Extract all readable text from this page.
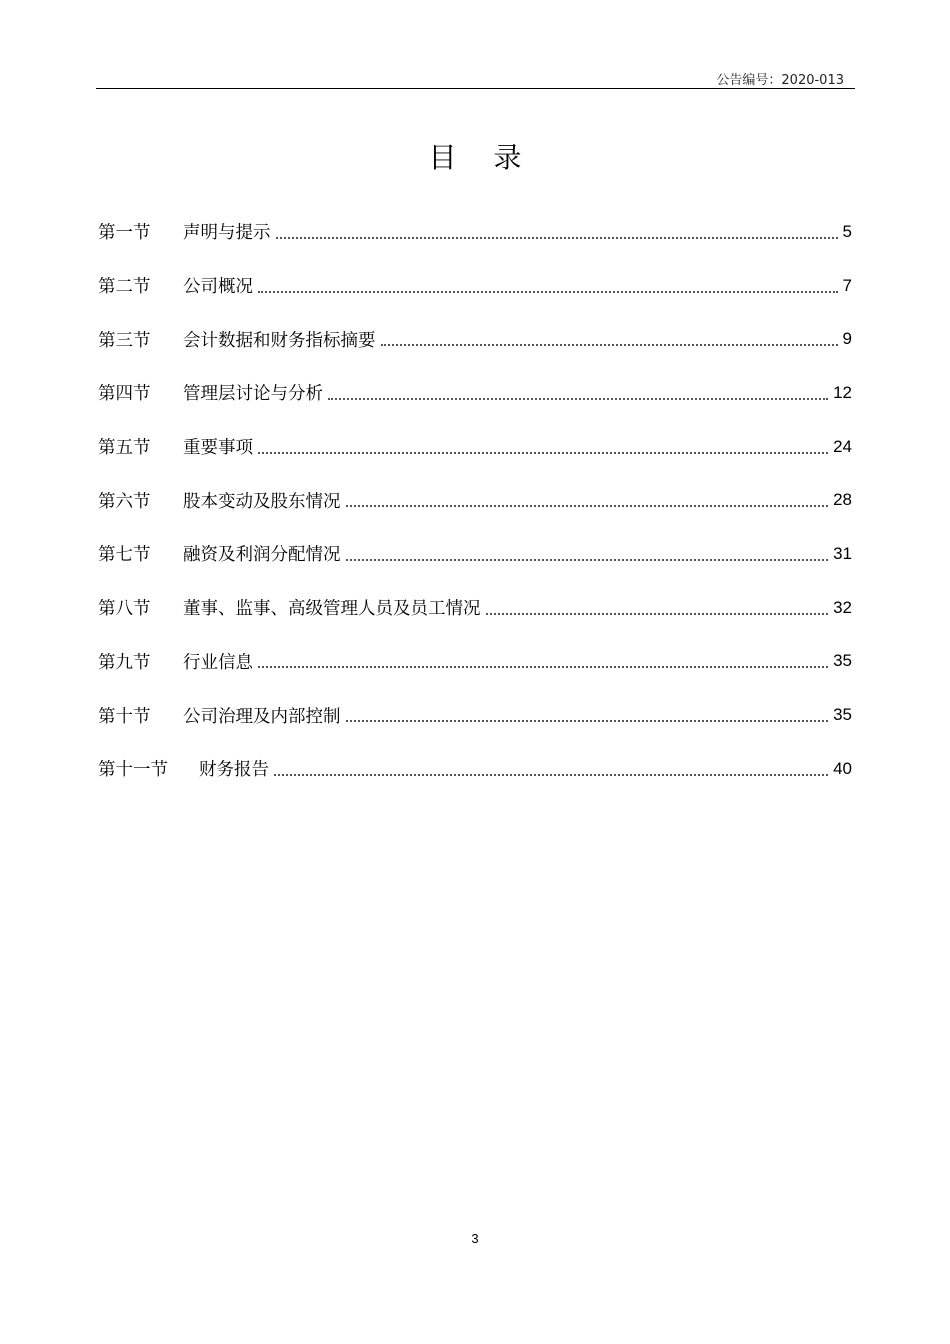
公告编号：2020-013
目 录
第一节	声明与提示	5
第二节	公司概况	7
第三节	会计数据和财务指标摘要	9
第四节	管理层讨论与分析	12
第五节	重要事项	24
第六节	股本变动及股东情况	28
第七节	融资及利润分配情况	31
第八节	董事、监事、高级管理人员及员工情况	32
第九节	行业信息	35
第十节	公司治理及内部控制	35
第十一节	财务报告	40
3
